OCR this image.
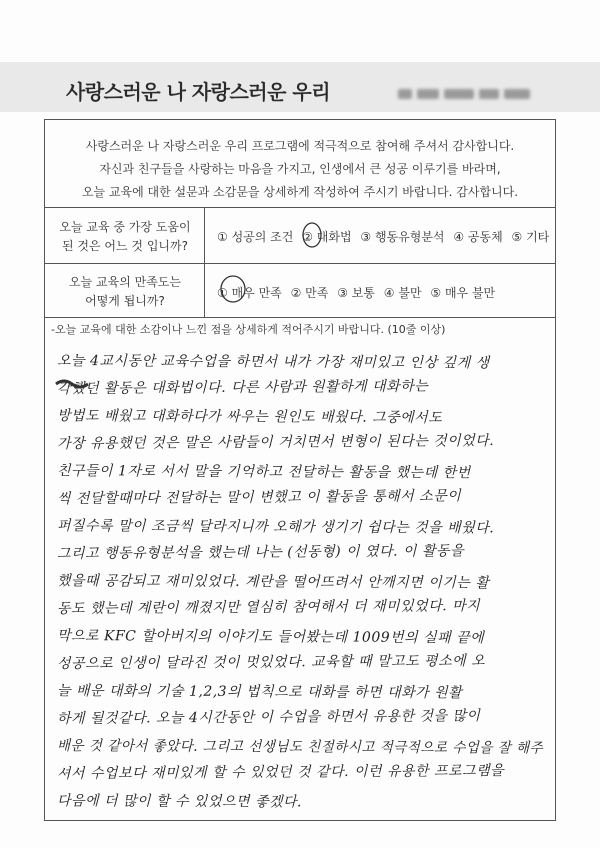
사랑스러운 나 자랑스러운 우리

사랑스러운 나 자랑스러운 우리 프로그램에 적극적으로 참여해 주셔서 감사합니다.

자신과 친구들을 사랑하는 마음을 가지고, 인생에서 큰 성공 이루기를 바라며,

오늘 교육에 대한 설문과 소감문을 상세하게 작성하여 주시기 바랍니다. 감사합니다.

오늘 교육 중 가장 도움이

된 것은 어느 것 입니까?

① 성공의 조건 ② 대화법 ③ 행동유형분석 ④ 공동체 ⑤ 기타

오늘 교육의 만족도는

어떻게 됩니까?

① 매우 만족 ② 만족 ③ 보통 ④ 불만 ⑤ 매우 불만

-오늘 교육에 대한 소감이나 느낀 점을 상세하게 적어주시기 바랍니다. (10줄 이상)

오늘 4교시동안 교육수업을 하면서 내가 가장 재미있고 인상 깊게 생
각했던 활동은 대화법이다. 다른 사람과 원활하게 대화하는
방법도 배웠고 대화하다가 싸우는 원인도 배웠다. 그중에서도
가장 유용했던 것은 말은 사람들이 거치면서 변형이 된다는 것이었다.
친구들이 1자로 서서 말을 기억하고 전달하는 활동을 했는데 한번
씩 전달할때마다 전달하는 말이 변했고 이 활동을 통해서 소문이
퍼질수록 말이 조금씩 달라지니까 오해가 생기기 쉽다는 것을 배웠다.
그리고 행동유형분석을 했는데 나는 (선동형) 이 였다. 이 활동을
했을때 공감되고 재미있었다. 계란을 떨어뜨려서 안깨지면 이기는 활
동도 했는데 계란이 깨졌지만 열심히 참여해서 더 재미있었다. 마지
막으로 KFC 할아버지의 이야기도 들어봤는데 1009번의 실패 끝에
성공으로 인생이 달라진 것이 멋있었다. 교육할 때 말고도 평소에 오
늘 배운 대화의 기술 1,2,3의 법칙으로 대화를 하면 대화가 원활
하게 될것같다. 오늘 4시간동안 이 수업을 하면서 유용한 것을 많이
배운 것 같아서 좋았다. 그리고 선생님도 친절하시고 적극적으로 수업을 잘 해주
셔서 수업보다 재미있게 할 수 있었던 것 같다. 이런 유용한 프로그램을
다음에 더 많이 할 수 있었으면 좋겠다.
